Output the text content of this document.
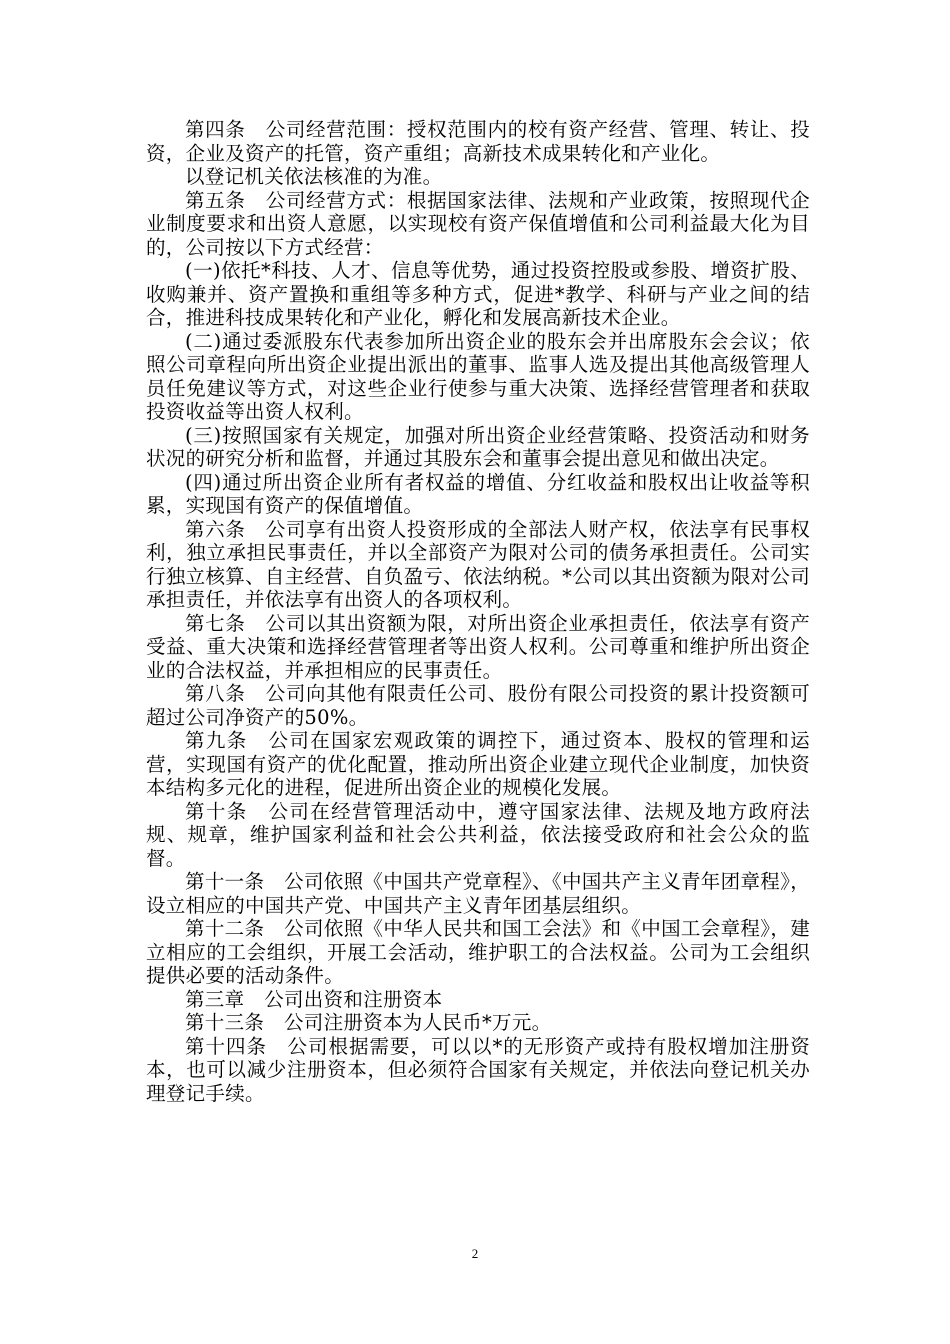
第四条　公司经营范围：授权范围内的校有资产经营、管理、转让、投资，企业及资产的托管，资产重组；高新技术成果转化和产业化。

以登记机关依法核准的为准。

第五条　公司经营方式：根据国家法律、法规和产业政策，按照现代企业制度要求和出资人意愿，以实现校有资产保值增值和公司利益最大化为目的，公司按以下方式经营：

(一)依托*科技、人才、信息等优势，通过投资控股或参股、增资扩股、收购兼并、资产置换和重组等多种方式，促进*教学、科研与产业之间的结合，推进科技成果转化和产业化，孵化和发展高新技术企业。

(二)通过委派股东代表参加所出资企业的股东会并出席股东会会议；依照公司章程向所出资企业提出派出的董事、监事人选及提出其他高级管理人员任免建议等方式，对这些企业行使参与重大决策、选择经营管理者和获取投资收益等出资人权利。

(三)按照国家有关规定，加强对所出资企业经营策略、投资活动和财务状况的研究分析和监督，并通过其股东会和董事会提出意见和做出决定。

(四)通过所出资企业所有者权益的增值、分红收益和股权出让收益等积累，实现国有资产的保值增值。

第六条　公司享有出资人投资形成的全部法人财产权，依法享有民事权利，独立承担民事责任，并以全部资产为限对公司的债务承担责任。公司实行独立核算、自主经营、自负盈亏、依法纳税。*公司以其出资额为限对公司承担责任，并依法享有出资人的各项权利。

第七条　公司以其出资额为限，对所出资企业承担责任，依法享有资产受益、重大决策和选择经营管理者等出资人权利。公司尊重和维护所出资企业的合法权益，并承担相应的民事责任。

第八条　公司向其他有限责任公司、股份有限公司投资的累计投资额可超过公司净资产的50%。

第九条　公司在国家宏观政策的调控下，通过资本、股权的管理和运营，实现国有资产的优化配置，推动所出资企业建立现代企业制度，加快资本结构多元化的进程，促进所出资企业的规模化发展。

第十条　公司在经营管理活动中，遵守国家法律、法规及地方政府法规、规章，维护国家利益和社会公共利益，依法接受政府和社会公众的监督。

第十一条　公司依照《中国共产党章程》、《中国共产主义青年团章程》，设立相应的中国共产党、中国共产主义青年团基层组织。

第十二条　公司依照《中华人民共和国工会法》和《中国工会章程》，建立相应的工会组织，开展工会活动，维护职工的合法权益。公司为工会组织提供必要的活动条件。

第三章　公司出资和注册资本

第十三条　公司注册资本为人民币*万元。

第十四条　公司根据需要，可以以*的无形资产或持有股权增加注册资本，也可以减少注册资本，但必须符合国家有关规定，并依法向登记机关办理登记手续。

2
